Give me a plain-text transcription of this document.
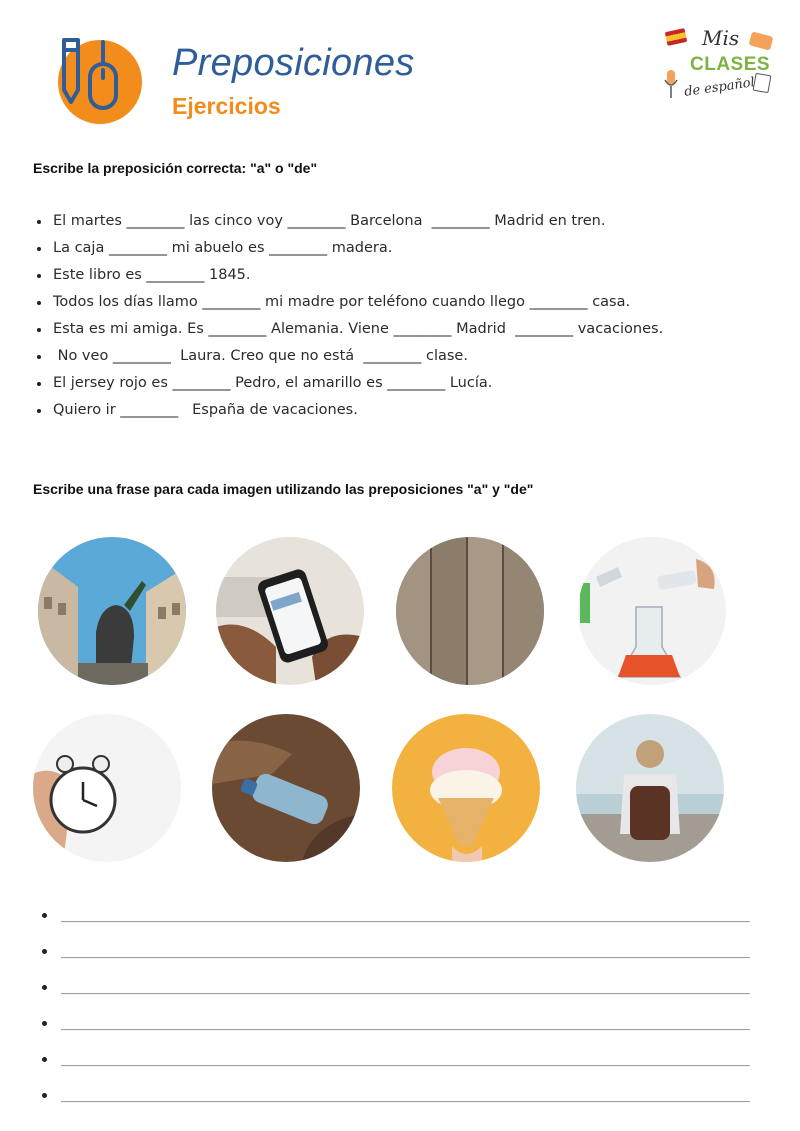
Preposiciones
Ejercicios
Mis
CLASES
de español
Escribe la preposición correcta: "a" o "de"
El martes ________ las cinco voy ________ Barcelona  ________ Madrid en tren.
La caja ________ mi abuelo es ________ madera.
Este libro es ________ 1845.
Todos los días llamo ________ mi madre por teléfono cuando llego ________ casa.
Esta es mi amiga. Es ________ Alemania. Viene ________ Madrid  ________ vacaciones.
No veo ________  Laura. Creo que no está  ________ clase.
El jersey rojo es ________ Pedro, el amarillo es ________ Lucía.
Quiero ir ________   España de vacaciones.
Escribe una frase para cada imagen utilizando las preposiciones "a" y "de"
________________________________________________________________________________________
________________________________________________________________________________________
________________________________________________________________________________________
________________________________________________________________________________________
________________________________________________________________________________________
________________________________________________________________________________________
